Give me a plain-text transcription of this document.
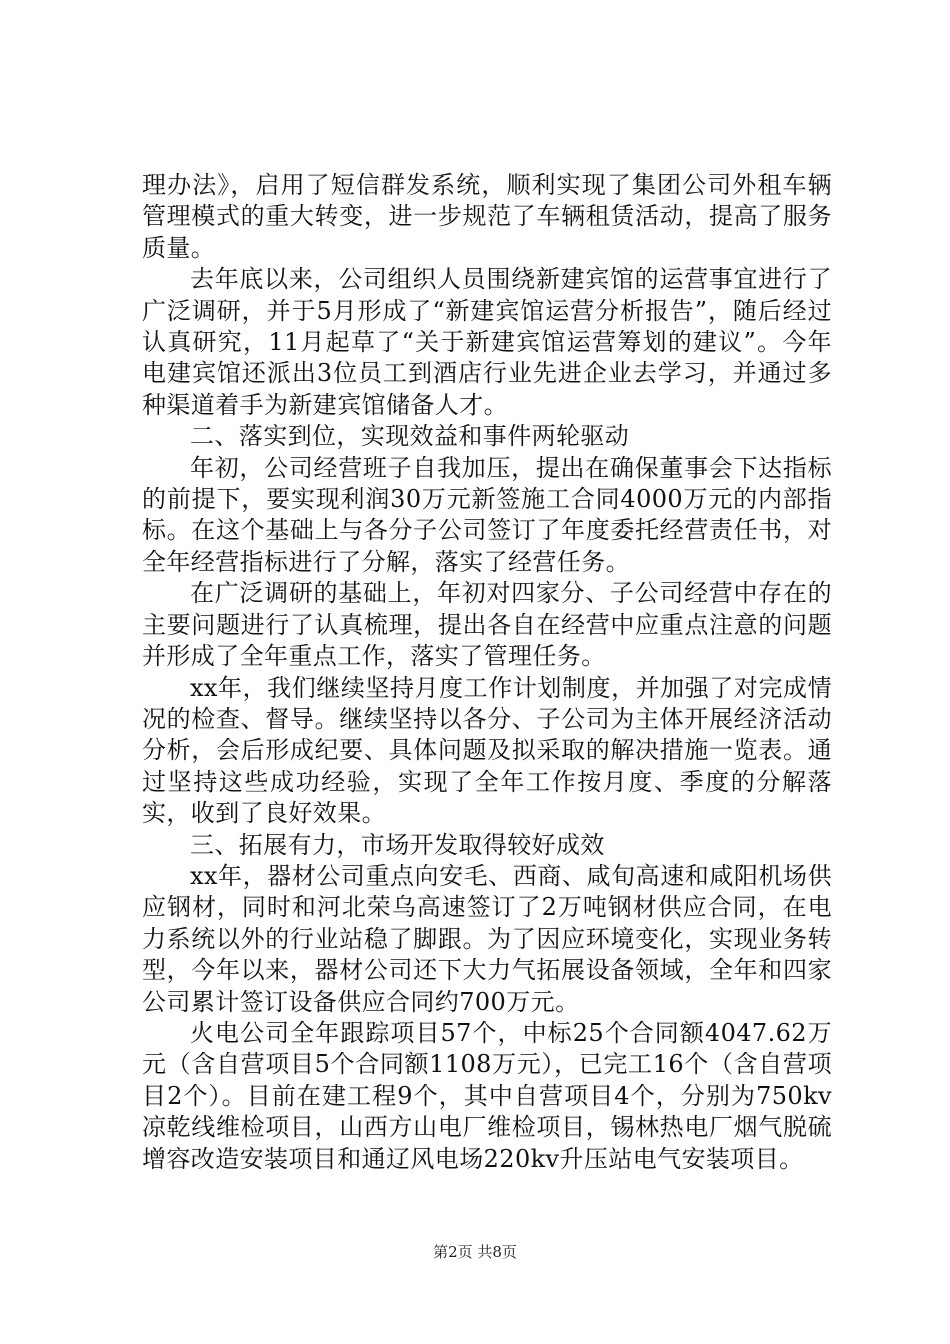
理办法》，启用了短信群发系统，顺利实现了集团公司外租车辆管理模式的重大转变，进一步规范了车辆租赁活动，提高了服务质量。

去年底以来，公司组织人员围绕新建宾馆的运营事宜进行了广泛调研，并于5月形成了“新建宾馆运营分析报告”，随后经过认真研究，11月起草了“关于新建宾馆运营筹划的建议”。今年电建宾馆还派出3位员工到酒店行业先进企业去学习，并通过多种渠道着手为新建宾馆储备人才。

二、落实到位，实现效益和事件两轮驱动

年初，公司经营班子自我加压，提出在确保董事会下达指标的前提下，要实现利润30万元新签施工合同4000万元的内部指标。在这个基础上与各分子公司签订了年度委托经营责任书，对全年经营指标进行了分解，落实了经营任务。

在广泛调研的基础上，年初对四家分、子公司经营中存在的主要问题进行了认真梳理，提出各自在经营中应重点注意的问题并形成了全年重点工作，落实了管理任务。

xx年，我们继续坚持月度工作计划制度，并加强了对完成情况的检查、督导。继续坚持以各分、子公司为主体开展经济活动分析，会后形成纪要、具体问题及拟采取的解决措施一览表。通过坚持这些成功经验，实现了全年工作按月度、季度的分解落实，收到了良好效果。

三、拓展有力，市场开发取得较好成效

xx年，器材公司重点向安毛、西商、咸旬高速和咸阳机场供应钢材，同时和河北荣乌高速签订了2万吨钢材供应合同，在电力系统以外的行业站稳了脚跟。为了因应环境变化，实现业务转型，今年以来，器材公司还下大力气拓展设备领域，全年和四家公司累计签订设备供应合同约700万元。

火电公司全年跟踪项目57个，中标25个合同额4047.62万元（含自营项目5个合同额1108万元），已完工16个（含自营项目2个）。目前在建工程9个，其中自营项目4个，分别为750kv凉乾线维检项目，山西方山电厂维检项目，锡林热电厂烟气脱硫增容改造安装项目和通辽风电场220kv升压站电气安装项目。

第2页 共8页
